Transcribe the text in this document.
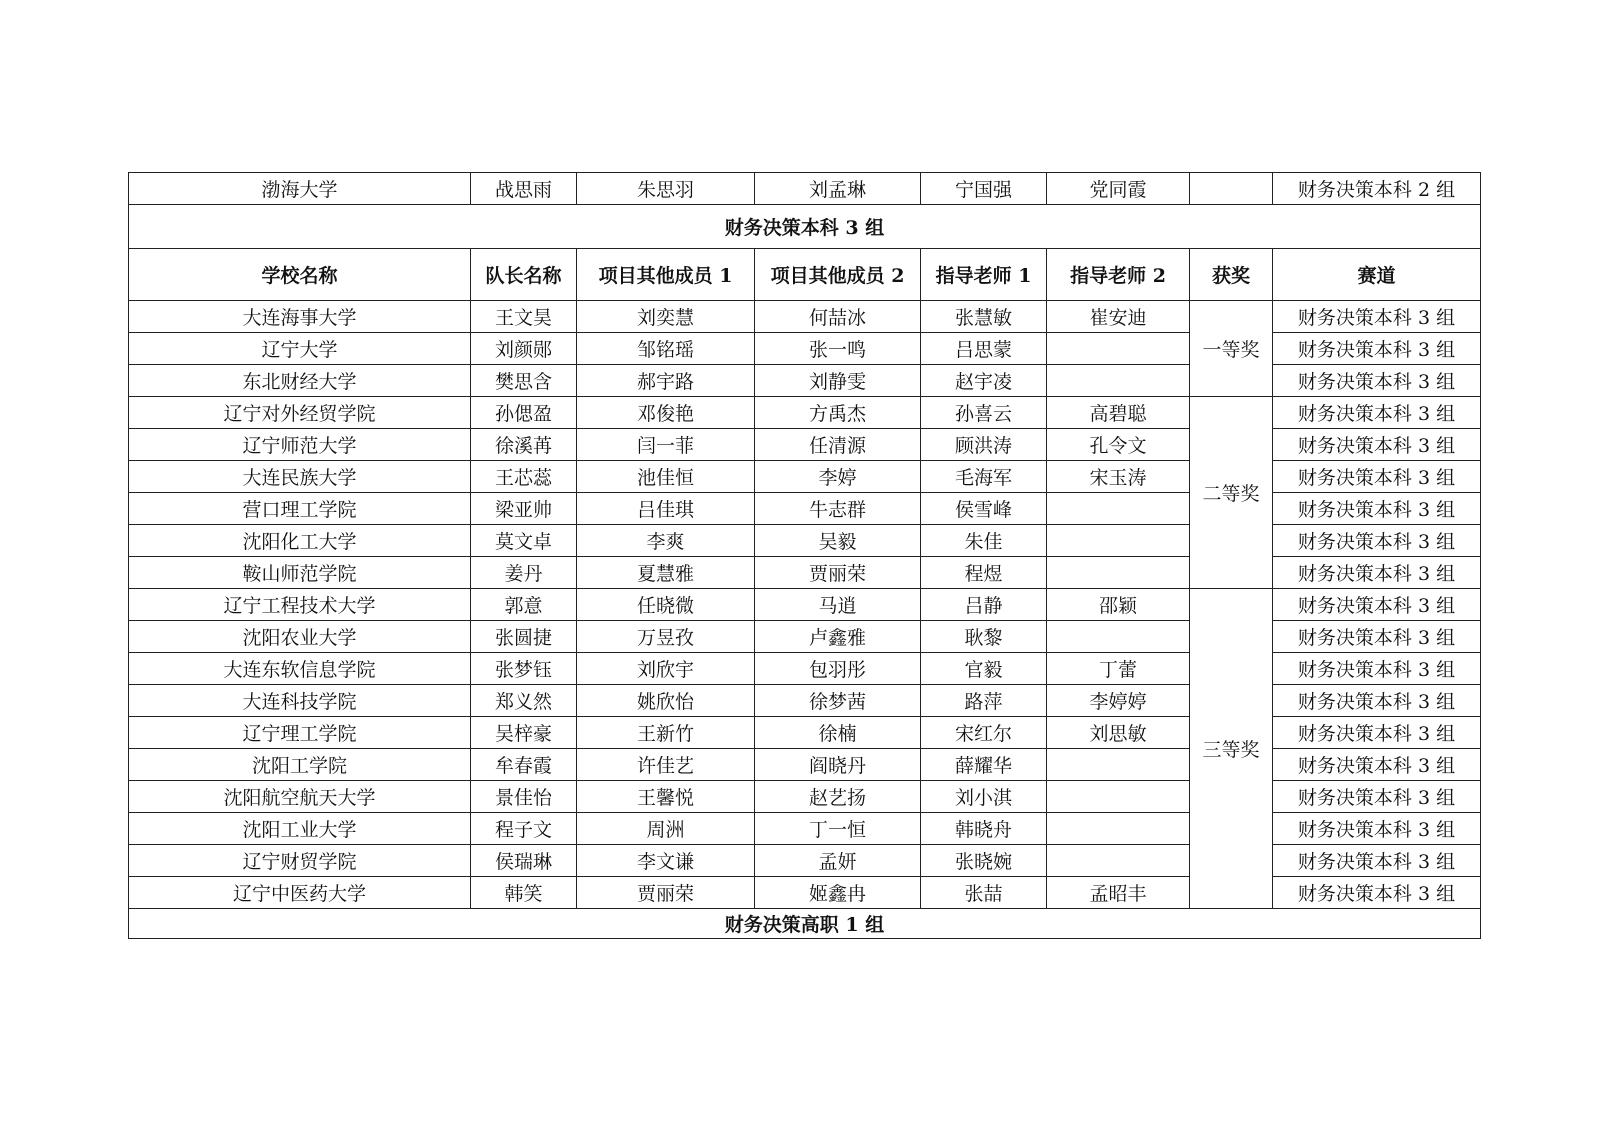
渤海大学	战思雨	朱思羽	刘孟琳	宁国强	党同霞		财务决策本科 2 组
财务决策本科 3 组							
学校名称	队长名称	项目其他成员 1	项目其他成员 2	指导老师 1	指导老师 2	获奖	赛道
大连海事大学	王文昊	刘奕慧	何喆冰	张慧敏	崔安迪	一等奖	财务决策本科 3 组
辽宁大学	刘颜郧	邹铭瑶	张一鸣	吕思蒙			财务决策本科 3 组
东北财经大学	樊思含	郝宇路	刘静雯	赵宇凌			财务决策本科 3 组
辽宁对外经贸学院	孙偲盈	邓俊艳	方禹杰	孙喜云	高碧聪	二等奖	财务决策本科 3 组
辽宁师范大学	徐溪苒	闫一菲	任清源	顾洪涛	孔令文		财务决策本科 3 组
大连民族大学	王芯蕊	池佳恒	李婷	毛海军	宋玉涛		财务决策本科 3 组
营口理工学院	梁亚帅	吕佳琪	牛志群	侯雪峰			财务决策本科 3 组
沈阳化工大学	莫文卓	李爽	吴毅	朱佳			财务决策本科 3 组
鞍山师范学院	姜丹	夏慧雅	贾丽荣	程煜			财务决策本科 3 组
辽宁工程技术大学	郭意	任晓微	马逍	吕静	邵颖	三等奖	财务决策本科 3 组
沈阳农业大学	张圆捷	万昱孜	卢鑫雅	耿黎			财务决策本科 3 组
大连东软信息学院	张梦钰	刘欣宇	包羽彤	官毅	丁蕾		财务决策本科 3 组
大连科技学院	郑义然	姚欣怡	徐梦茜	路萍	李婷婷		财务决策本科 3 组
辽宁理工学院	吴梓豪	王新竹	徐楠	宋红尔	刘思敏		财务决策本科 3 组
沈阳工学院	牟春霞	许佳艺	阎晓丹	薛耀华			财务决策本科 3 组
沈阳航空航天大学	景佳怡	王馨悦	赵艺扬	刘小淇			财务决策本科 3 组
沈阳工业大学	程子文	周洲	丁一恒	韩晓舟			财务决策本科 3 组
辽宁财贸学院	侯瑞琳	李文谦	孟妍	张晓婉			财务决策本科 3 组
辽宁中医药大学	韩笑	贾丽荣	姬鑫冉	张喆	孟昭丰		财务决策本科 3 组
财务决策高职 1 组							
